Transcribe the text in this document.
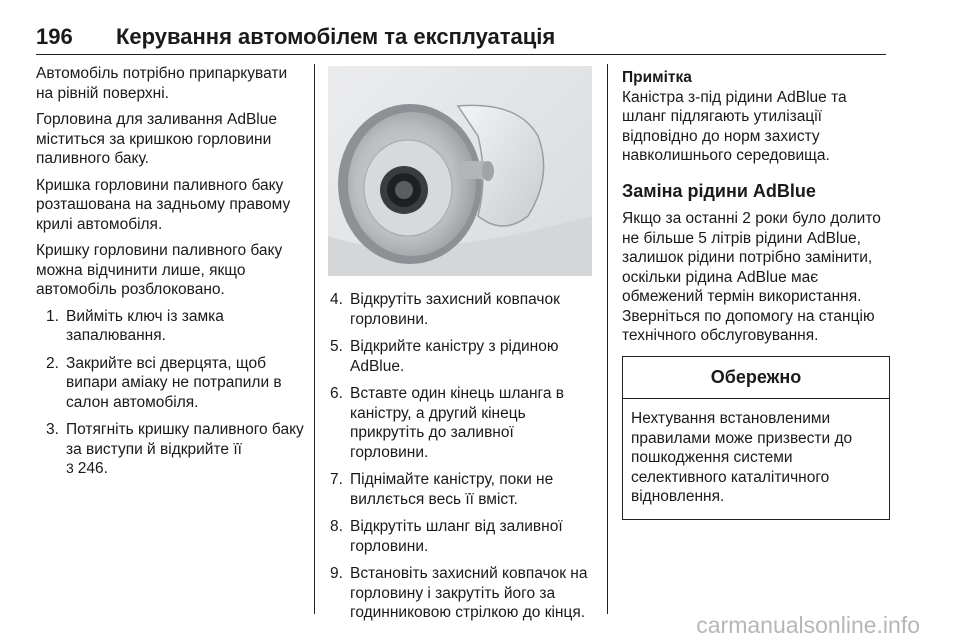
196 Керування автомобілем та експлуатація

Автомобіль потрібно припаркувати на рівній поверхні.

Горловина для заливання AdBlue міститься за кришкою горловини паливного баку.

Кришка горловини паливного баку розташована на задньому правому крилі автомобіля.

Кришку горловини паливного баку можна відчинити лише, якщо автомобіль розблоковано.

1. Вийміть ключ із замка запалювання.
2. Закрийте всі дверцята, щоб випари аміаку не потрапили в салон автомобіля.
3. Потягніть кришку паливного баку за виступи й відкрийте її
3 246.
4. Відкрутіть захисний ковпачок горловини.
5. Відкрийте каністру з рідиною AdBlue.
6. Вставте один кінець шланга в каністру, а другий кінець прикрутіть до заливної горловини.
7. Піднімайте каністру, поки не виллється весь її вміст.
8. Відкрутіть шланг від заливної горловини.
9. Встановіть захисний ковпачок на горловину і закрутіть його за годинниковою стрілкою до кінця.
Примітка
Каністра з-під рідини AdBlue та шланг підлягають утилізації відповідно до норм захисту навколишнього середовища.
Заміна рідини AdBlue
Якщо за останні 2 роки було долито не більше 5 літрів рідини AdBlue, залишок рідини потрібно замінити, оскільки рідина AdBlue має обмежений термін використання. Зверніться по допомогу на станцію технічного обслуговування.
Обережно
Нехтування встановленими правилами може призвести до пошкодження системи селективного каталітичного відновлення.
carmanualsonline.info
